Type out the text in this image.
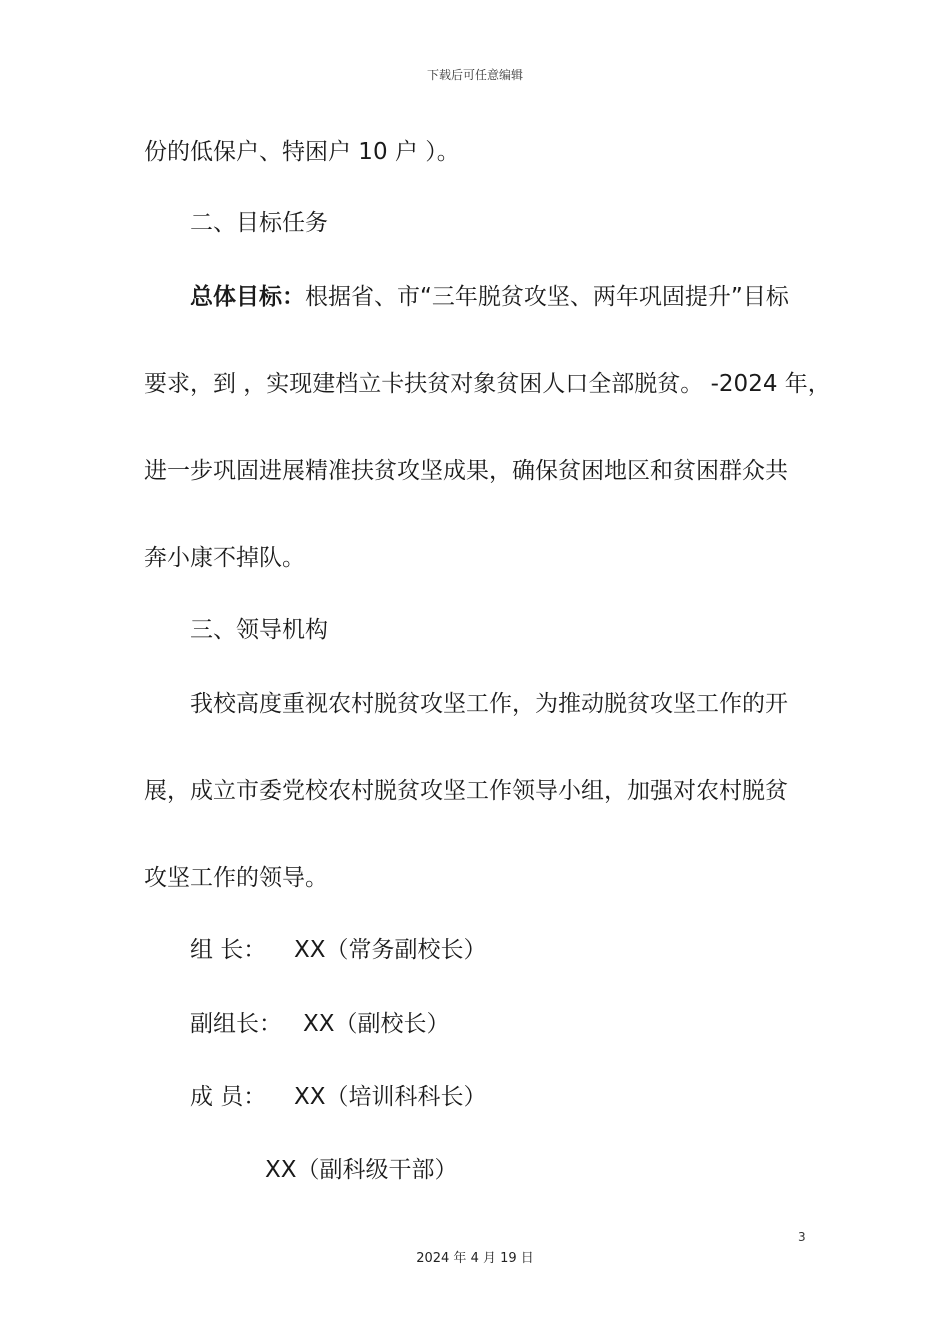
下载后可任意编辑
份的低保户、特困户 10 户 ）。
二、目标任务
总体目标：根据省、市“三年脱贫攻坚、两年巩固提升”目标
要求，到 ，实现建档立卡扶贫对象贫困人口全部脱贫。 -2024 年，
进一步巩固进展精准扶贫攻坚成果，确保贫困地区和贫困群众共
奔小康不掉队。
三、领导机构
我校高度重视农村脱贫攻坚工作，为推动脱贫攻坚工作的开
展，成立市委党校农村脱贫攻坚工作领导小组，加强对农村脱贫
攻坚工作的领导。
组 长： XX（常务副校长）
副组长： XX（副校长）
成 员： XX（培训科科长）
XX（副科级干部）
3
2024 年 4 月 19 日
